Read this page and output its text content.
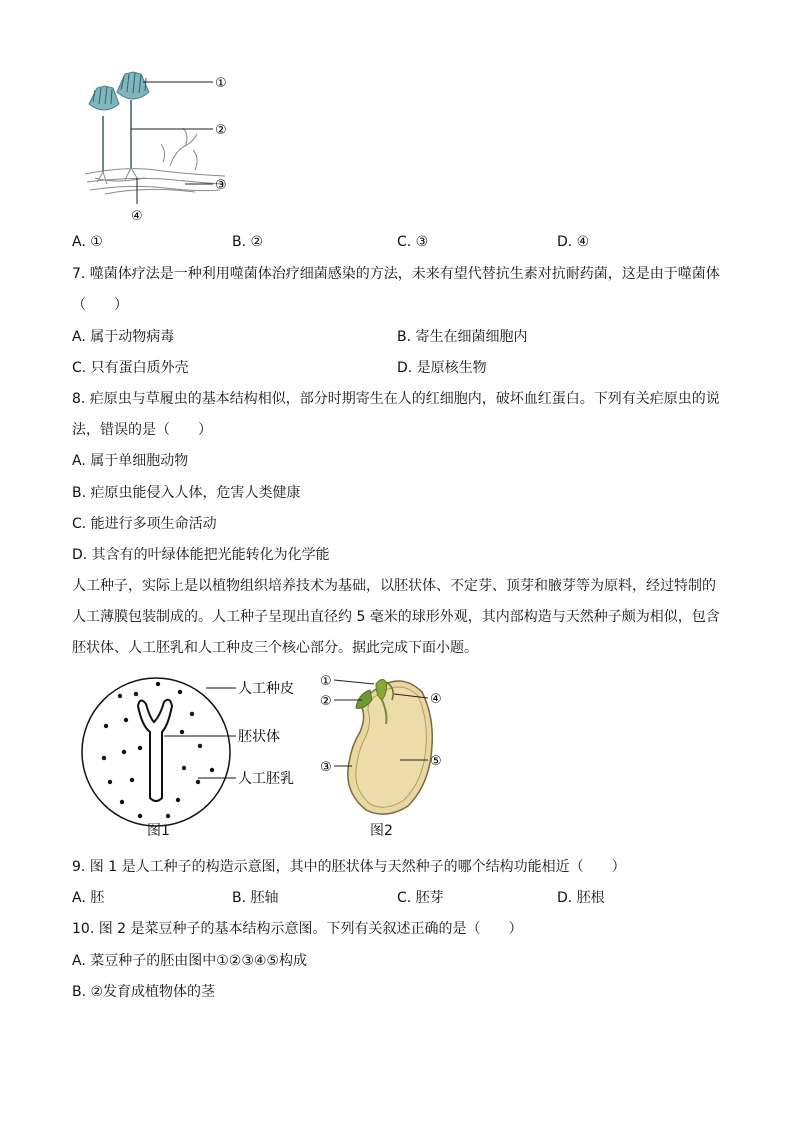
①
②
③
④
A. ①	B. ②	C. ③	D. ④
7. 噬菌体疗法是一种利用噬菌体治疗细菌感染的方法，未来有望代替抗生素对抗耐药菌，这是由于噬菌体
（　　）
A. 属于动物病毒	B. 寄生在细菌细胞内
C. 只有蛋白质外壳	D. 是原核生物
8. 疟原虫与草履虫的基本结构相似，部分时期寄生在人的红细胞内，破坏血红蛋白。下列有关疟原虫的说
法，错误的是（　　）
A. 属于单细胞动物
B. 疟原虫能侵入人体，危害人类健康
C. 能进行多项生命活动
D. 其含有的叶绿体能把光能转化为化学能
人工种子，实际上是以植物组织培养技术为基础，以胚状体、不定芽、顶芽和腋芽等为原料，经过特制的
人工薄膜包装制成的。人工种子呈现出直径约 5 毫米的球形外观，其内部构造与天然种子颇为相似，包含
胚状体、人工胚乳和人工种皮三个核心部分。据此完成下面小题。
人工种皮
胚状体
人工胚乳
图1
①
②	④
③	⑤
图2
9. 图 1 是人工种子的构造示意图，其中的胚状体与天然种子的哪个结构功能相近（　　）
A. 胚	B. 胚轴	C. 胚芽	D. 胚根
10. 图 2 是菜豆种子的基本结构示意图。下列有关叙述正确的是（　　）
A. 菜豆种子的胚由图中①②③④⑤构成
B. ②发育成植物体的茎
